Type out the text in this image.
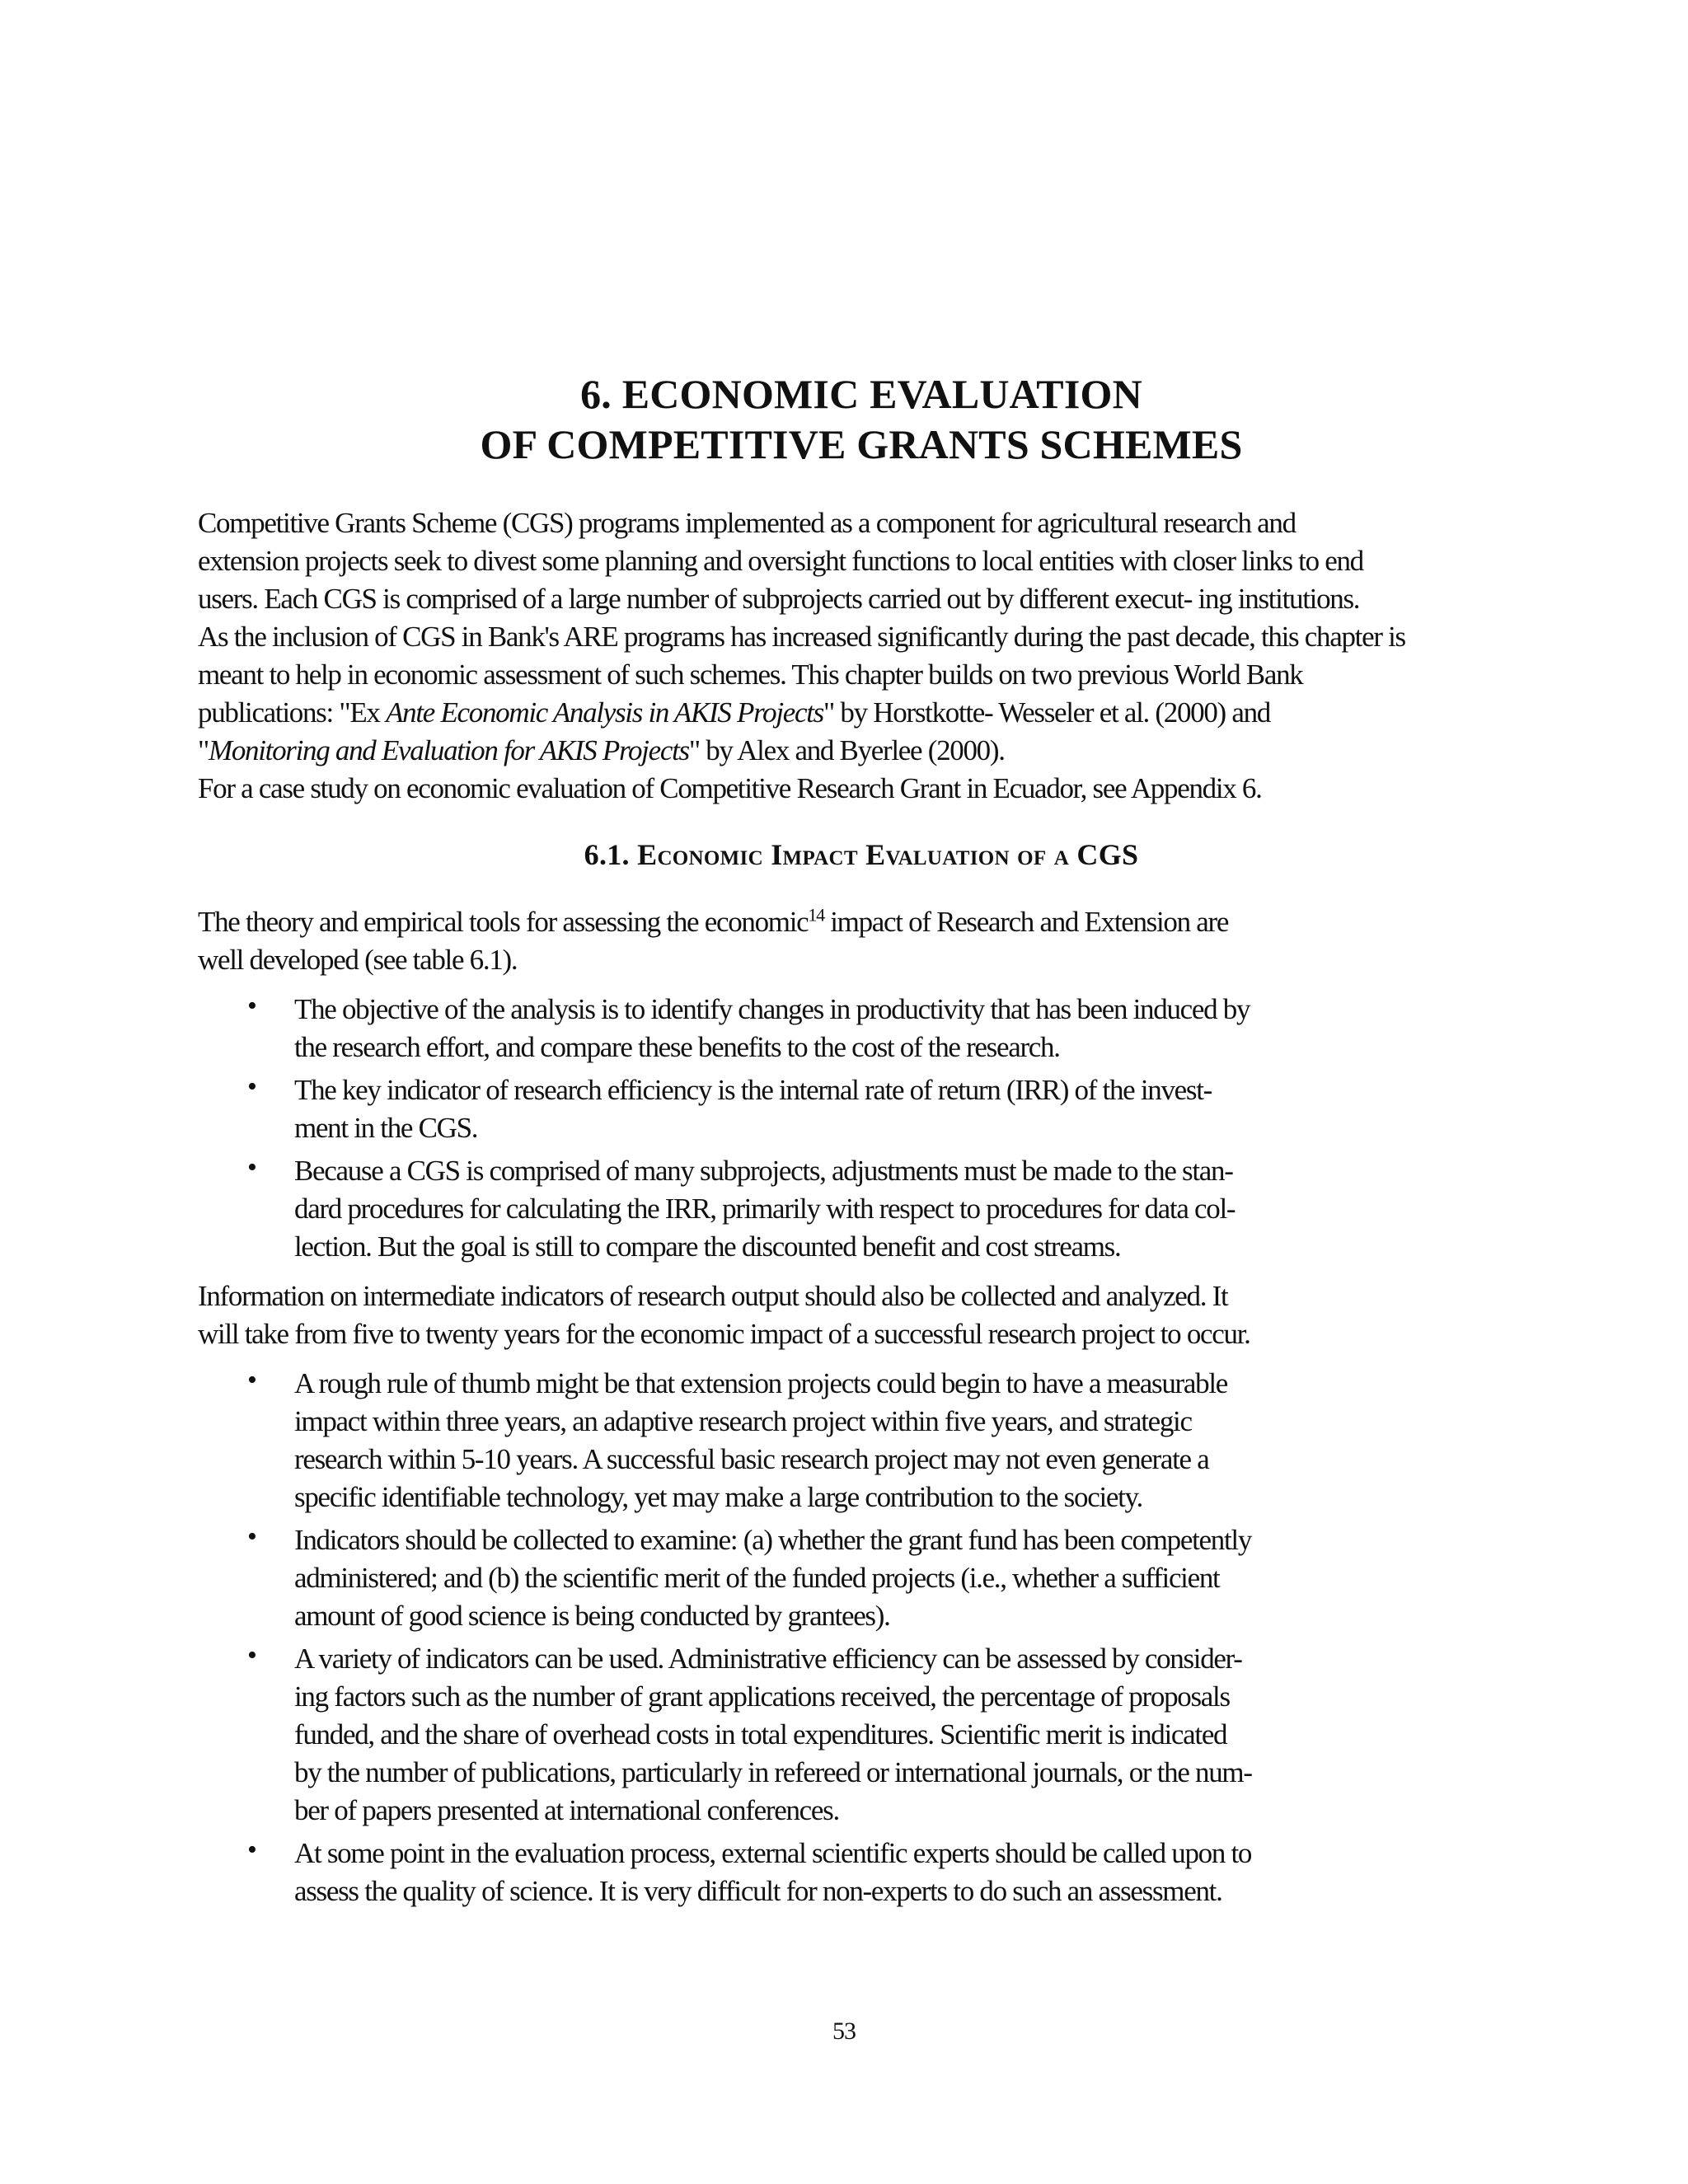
6. ECONOMIC EVALUATION
OF COMPETITIVE GRANTS SCHEMES

Competitive Grants Scheme (CGS) programs implemented as a component for agricultural research and
extension projects seek to divest some planning and oversight functions to local entities with closer links to end
users. Each CGS is comprised of a large number of subprojects carried out by different execut- ing institutions.
As the inclusion of CGS in Bank's ARE programs has increased significantly during the past decade, this chapter is
meant to help in economic assessment of such schemes. This chapter builds on two previous World Bank
publications: "Ex Ante Economic Analysis in AKIS Projects" by Horstkotte- Wesseler et al. (2000) and
"Monitoring and Evaluation for AKIS Projects" by Alex and Byerlee (2000).
For a case study on economic evaluation of Competitive Research Grant in Ecuador, see Appendix 6.

6.1. Economic Impact Evaluation of a CGS

The theory and empirical tools for assessing the economic$^{14}$ impact of Research and Extension are
well developed (see table 6.1).

• The objective of the analysis is to identify changes in productivity that has been induced by
the research effort, and compare these benefits to the cost of the research.
• The key indicator of research efficiency is the internal rate of return (IRR) of the invest-
ment in the CGS.
• Because a CGS is comprised of many subprojects, adjustments must be made to the stan-
dard procedures for calculating the IRR, primarily with respect to procedures for data col-
lection. But the goal is still to compare the discounted benefit and cost streams.

Information on intermediate indicators of research output should also be collected and analyzed. It
will take from five to twenty years for the economic impact of a successful research project to occur.

• A rough rule of thumb might be that extension projects could begin to have a measurable
impact within three years, an adaptive research project within five years, and strategic
research within 5-10 years. A successful basic research project may not even generate a
specific identifiable technology, yet may make a large contribution to the society.
• Indicators should be collected to examine: (a) whether the grant fund has been competently
administered; and (b) the scientific merit of the funded projects (i.e., whether a sufficient
amount of good science is being conducted by grantees).
• A variety of indicators can be used. Administrative efficiency can be assessed by consider-
ing factors such as the number of grant applications received, the percentage of proposals
funded, and the share of overhead costs in total expenditures. Scientific merit is indicated
by the number of publications, particularly in refereed or international journals, or the num-
ber of papers presented at international conferences.
• At some point in the evaluation process, external scientific experts should be called upon to
assess the quality of science. It is very difficult for non-experts to do such an assessment.
53
